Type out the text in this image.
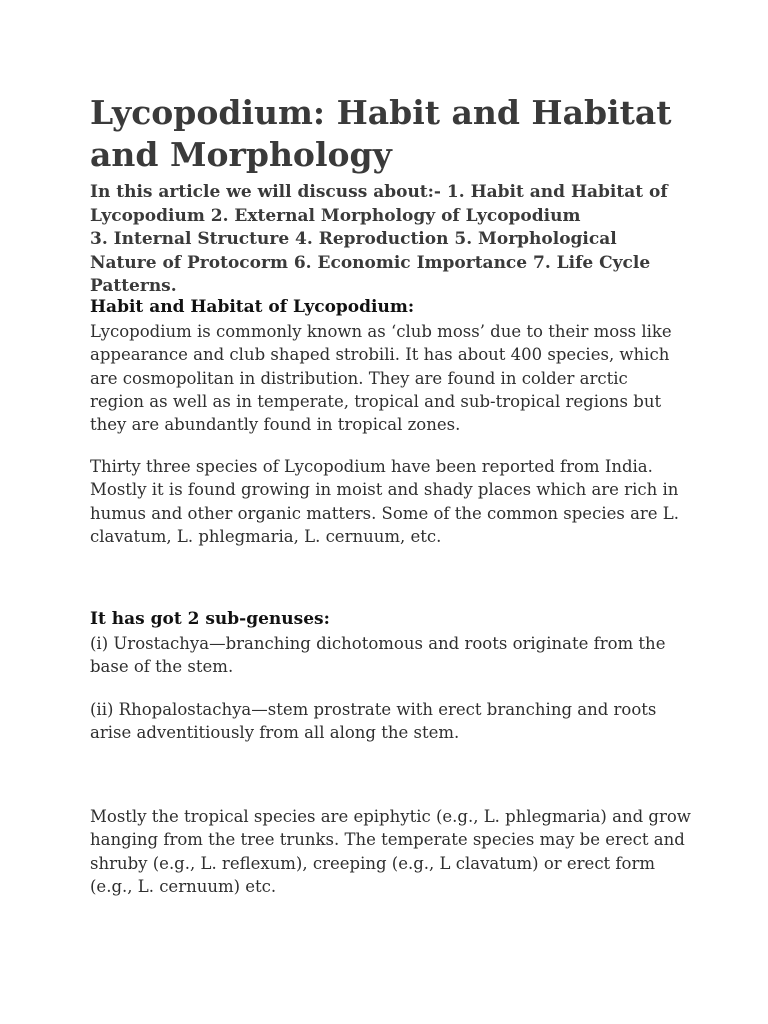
Lycopodium: Habit and Habitat
and Morphology
In this article we will discuss about:- 1. Habit and Habitat of
Lycopodium 2. External Morphology of Lycopodium
3. Internal Structure 4. Reproduction 5. Morphological
Nature of Protocorm 6. Economic Importance 7. Life Cycle
Patterns.
Habit and Habitat of Lycopodium:
Lycopodium is commonly known as ‘club moss’ due to their moss like
appearance and club shaped strobili. It has about 400 species, which
are cosmopolitan in distribution. They are found in colder arctic
region as well as in temperate, tropical and sub-tropical regions but
they are abundantly found in tropical zones.
Thirty three species of Lycopodium have been reported from India.
Mostly it is found growing in moist and shady places which are rich in
humus and other organic matters. Some of the common species are L.
clavatum, L. phlegmaria, L. cernuum, etc.
It has got 2 sub-genuses:
(i) Urostachya—branching dichotomous and roots originate from the
base of the stem.
(ii) Rhopalostachya—stem prostrate with erect branching and roots
arise adventitiously from all along the stem.
Mostly the tropical species are epiphytic (e.g., L. phlegmaria) and grow
hanging from the tree trunks. The temperate species may be erect and
shruby (e.g., L. reflexum), creeping (e.g., L clavatum) or erect form
(e.g., L. cernuum) etc.
